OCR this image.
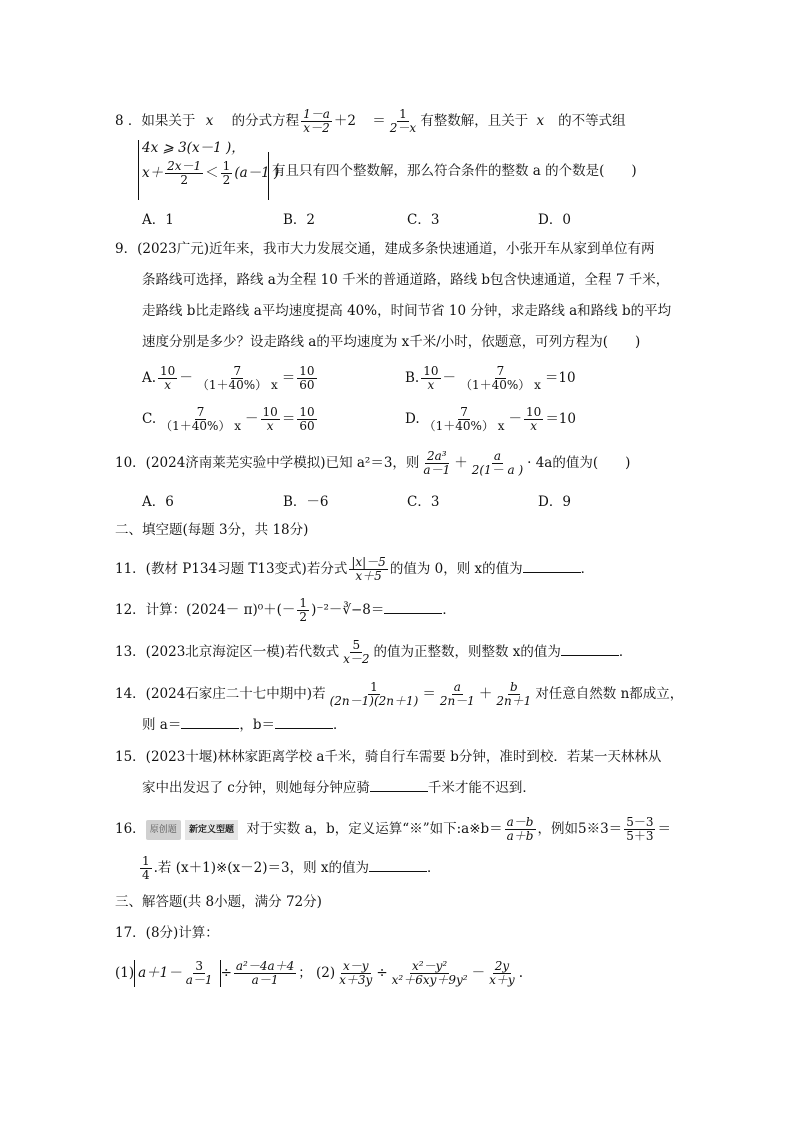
8 ．如果关于 x 的分式方程 $\frac{1-a}{x-2} +2 = \frac{1}{2-x}$ 有整数解，且关于 x 的不等式组
4x ⩾ 3(x－1 )，
$x+ \frac{2x-1}{2} < \frac{1}{2} (a-1$ )
有且只有四个整数解，那么符合条件的整数 a 的个数是(　　)
A．1	B．2	C．3	D．0
9．(2023广元)近年来，我市大力发展交通，建成多条快速通道，小张开车从家到单位有两
条路线可选择，路线 a为全程 10 千米的普通道路，路线 b包含快速通道，全程 7 千米，
走路线 b比走路线 a平均速度提高 40%，时间节省 10 分钟，求走路线 a和路线 b的平均
速度分别是多少？设走路线 a的平均速度为 x千米/小时，依题意，可列方程为(　　)
A. $\frac{10}{x} - \frac{7}{(1+40\%) x} = \frac{10}{60}$	B. $\frac{10}{x} - \frac{7}{(1+40\%) x} =10$
C. $\frac{7}{(1+40\%) x} - \frac{10}{x} = \frac{10}{60}$	D. $\frac{7}{(1+40\%) x} - \frac{10}{x} =10$
10．(2024济南莱芜实验中学模拟)已知 a²＝3，则 $\frac{\text{2a³}}{a-1} + \frac{a}{2(1- a )} \cdot 4a$的值为(　　)
A．6	B．－6	C．3	D．9
二、填空题(每题 3分，共 18分)
11．(教材 P134习题 T13变式)若分式 $\frac{|x|-5}{x+5}$ 的值为 0，则 x的值为	．
12．计算：$(2024- \pi)^0+(- \frac{1}{2}$ )⁻²－∛−8＝	．
13．(2023北京海淀区一模)若代数式 $\frac{5}{x-2}$ 的值为正整数，则整数 x的值为	．
14．(2024石家庄二十七中期中)若 $\frac{1}{(2n-1)(2n+1)} = \frac{a}{2n-1} + \frac{b}{2n+1}$ 对任意自然数 n都成立，
则 a＝	，b＝	．
15．(2023十堰)林林家距离学校 a千米，骑自行车需要 b分钟，准时到校．若某一天林林从
家中出发迟了 c分钟，则她每分钟应骑	千米才能不迟到．
16． 原创题 新定义型题 对于实数 a，b，定义运算“※”如下:a※b＝ $\frac{a-b}{a+b}$ ，例如5※3＝ $\frac{5-3}{5+3}$ ＝
$\frac{1}{4}$ .若 (x＋1)※(x－2)＝3，则 x的值为	．
三、解答题(共 8小题，满分 72分)
17．(8分)计算：
(1) $a+1- \frac{3}{a-1} \div \frac{\text{a²－4a＋4}}{a-1}$ ； $(2) \frac{x-y}{x+3y} \div \frac{\text{x²－y²}}{\text{x²＋6xy＋9y²}} - \frac{2y}{x+y}$ .
